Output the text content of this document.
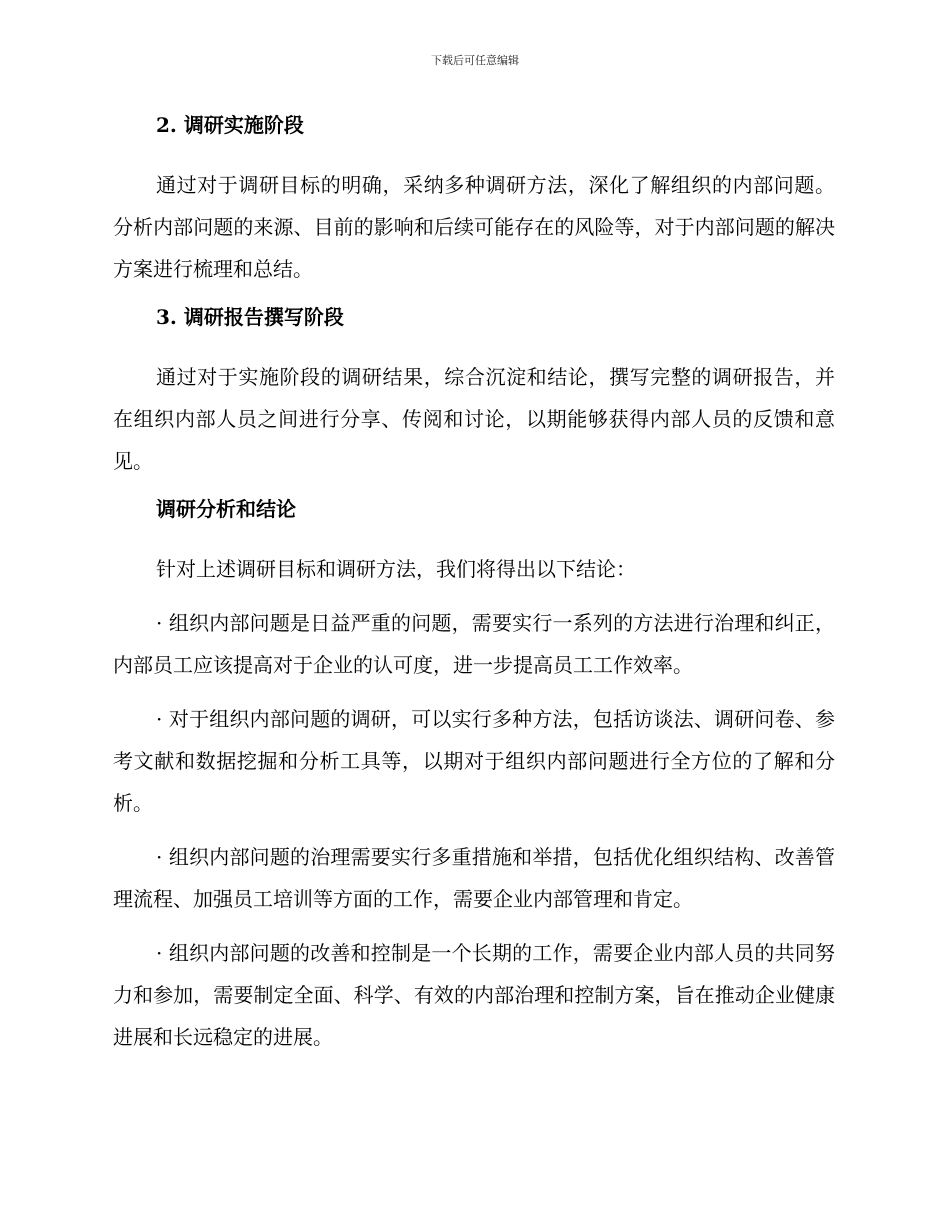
下载后可任意编辑
2. 调研实施阶段

通过对于调研目标的明确，采纳多种调研方法，深化了解组织的内部问题。分析内部问题的来源、目前的影响和后续可能存在的风险等，对于内部问题的解决方案进行梳理和总结。

3. 调研报告撰写阶段

通过对于实施阶段的调研结果，综合沉淀和结论，撰写完整的调研报告，并在组织内部人员之间进行分享、传阅和讨论，以期能够获得内部人员的反馈和意见。

调研分析和结论

针对上述调研目标和调研方法，我们将得出以下结论：

· 组织内部问题是日益严重的问题，需要实行一系列的方法进行治理和纠正，内部员工应该提高对于企业的认可度，进一步提高员工工作效率。

· 对于组织内部问题的调研，可以实行多种方法，包括访谈法、调研问卷、参考文献和数据挖掘和分析工具等，以期对于组织内部问题进行全方位的了解和分析。

· 组织内部问题的治理需要实行多重措施和举措，包括优化组织结构、改善管理流程、加强员工培训等方面的工作，需要企业内部管理和肯定。

· 组织内部问题的改善和控制是一个长期的工作，需要企业内部人员的共同努力和参加，需要制定全面、科学、有效的内部治理和控制方案，旨在推动企业健康进展和长远稳定的进展。
